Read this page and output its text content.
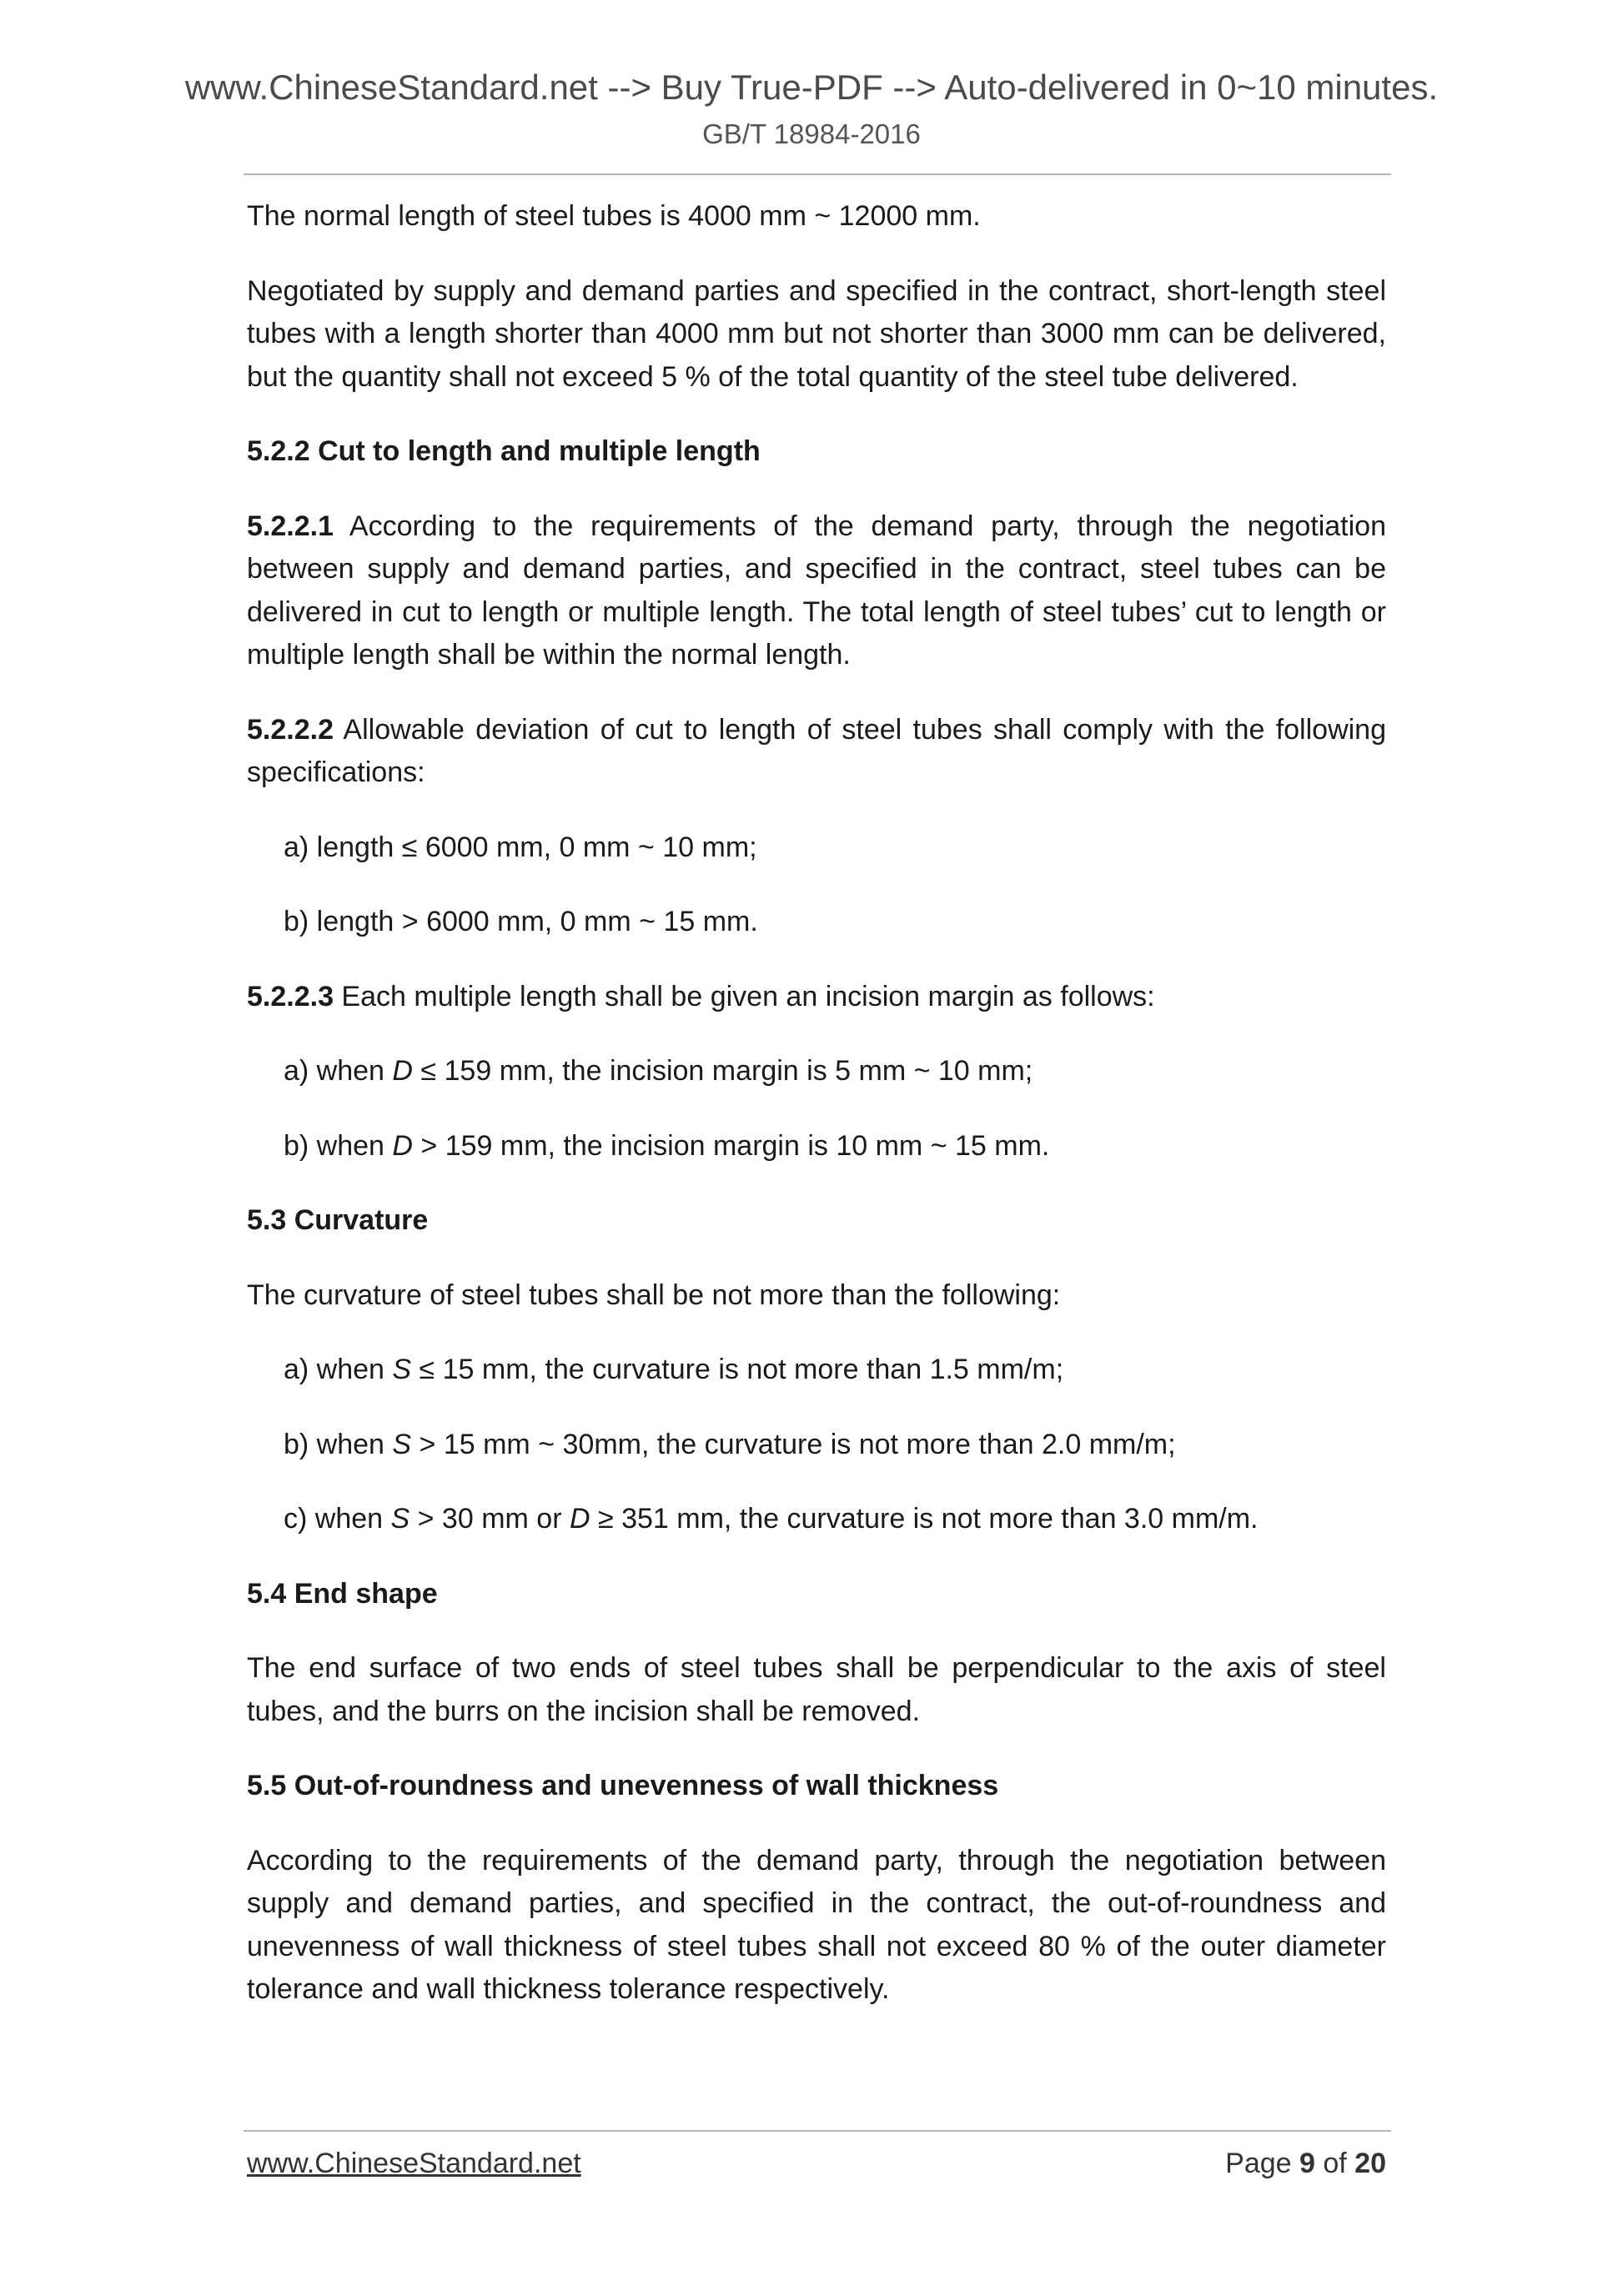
www.ChineseStandard.net --> Buy True-PDF --> Auto-delivered in 0~10 minutes.
GB/T 18984-2016

The normal length of steel tubes is 4000 mm ~ 12000 mm.

Negotiated by supply and demand parties and specified in the contract, short-length steel tubes with a length shorter than 4000 mm but not shorter than 3000 mm can be delivered, but the quantity shall not exceed 5 % of the total quantity of the steel tube delivered.

5.2.2 Cut to length and multiple length

5.2.2.1 According to the requirements of the demand party, through the negotiation between supply and demand parties, and specified in the contract, steel tubes can be delivered in cut to length or multiple length. The total length of steel tubes’ cut to length or multiple length shall be within the normal length.

5.2.2.2 Allowable deviation of cut to length of steel tubes shall comply with the following specifications:

a) length ≤ 6000 mm, 0 mm ~ 10 mm;
b) length > 6000 mm, 0 mm ~ 15 mm.

5.2.2.3 Each multiple length shall be given an incision margin as follows:

a) when D ≤ 159 mm, the incision margin is 5 mm ~ 10 mm;
b) when D > 159 mm, the incision margin is 10 mm ~ 15 mm.
5.3 Curvature

The curvature of steel tubes shall be not more than the following:

a) when S ≤ 15 mm, the curvature is not more than 1.5 mm/m;
b) when S > 15 mm ~ 30mm, the curvature is not more than 2.0 mm/m;
c) when S > 30 mm or D ≥ 351 mm, the curvature is not more than 3.0 mm/m.
5.4 End shape

The end surface of two ends of steel tubes shall be perpendicular to the axis of steel tubes, and the burrs on the incision shall be removed.

5.5 Out-of-roundness and unevenness of wall thickness

According to the requirements of the demand party, through the negotiation between supply and demand parties, and specified in the contract, the out-of-roundness and unevenness of wall thickness of steel tubes shall not exceed 80 % of the outer diameter tolerance and wall thickness tolerance respectively.

www.ChineseStandard.net	Page 9 of 20
